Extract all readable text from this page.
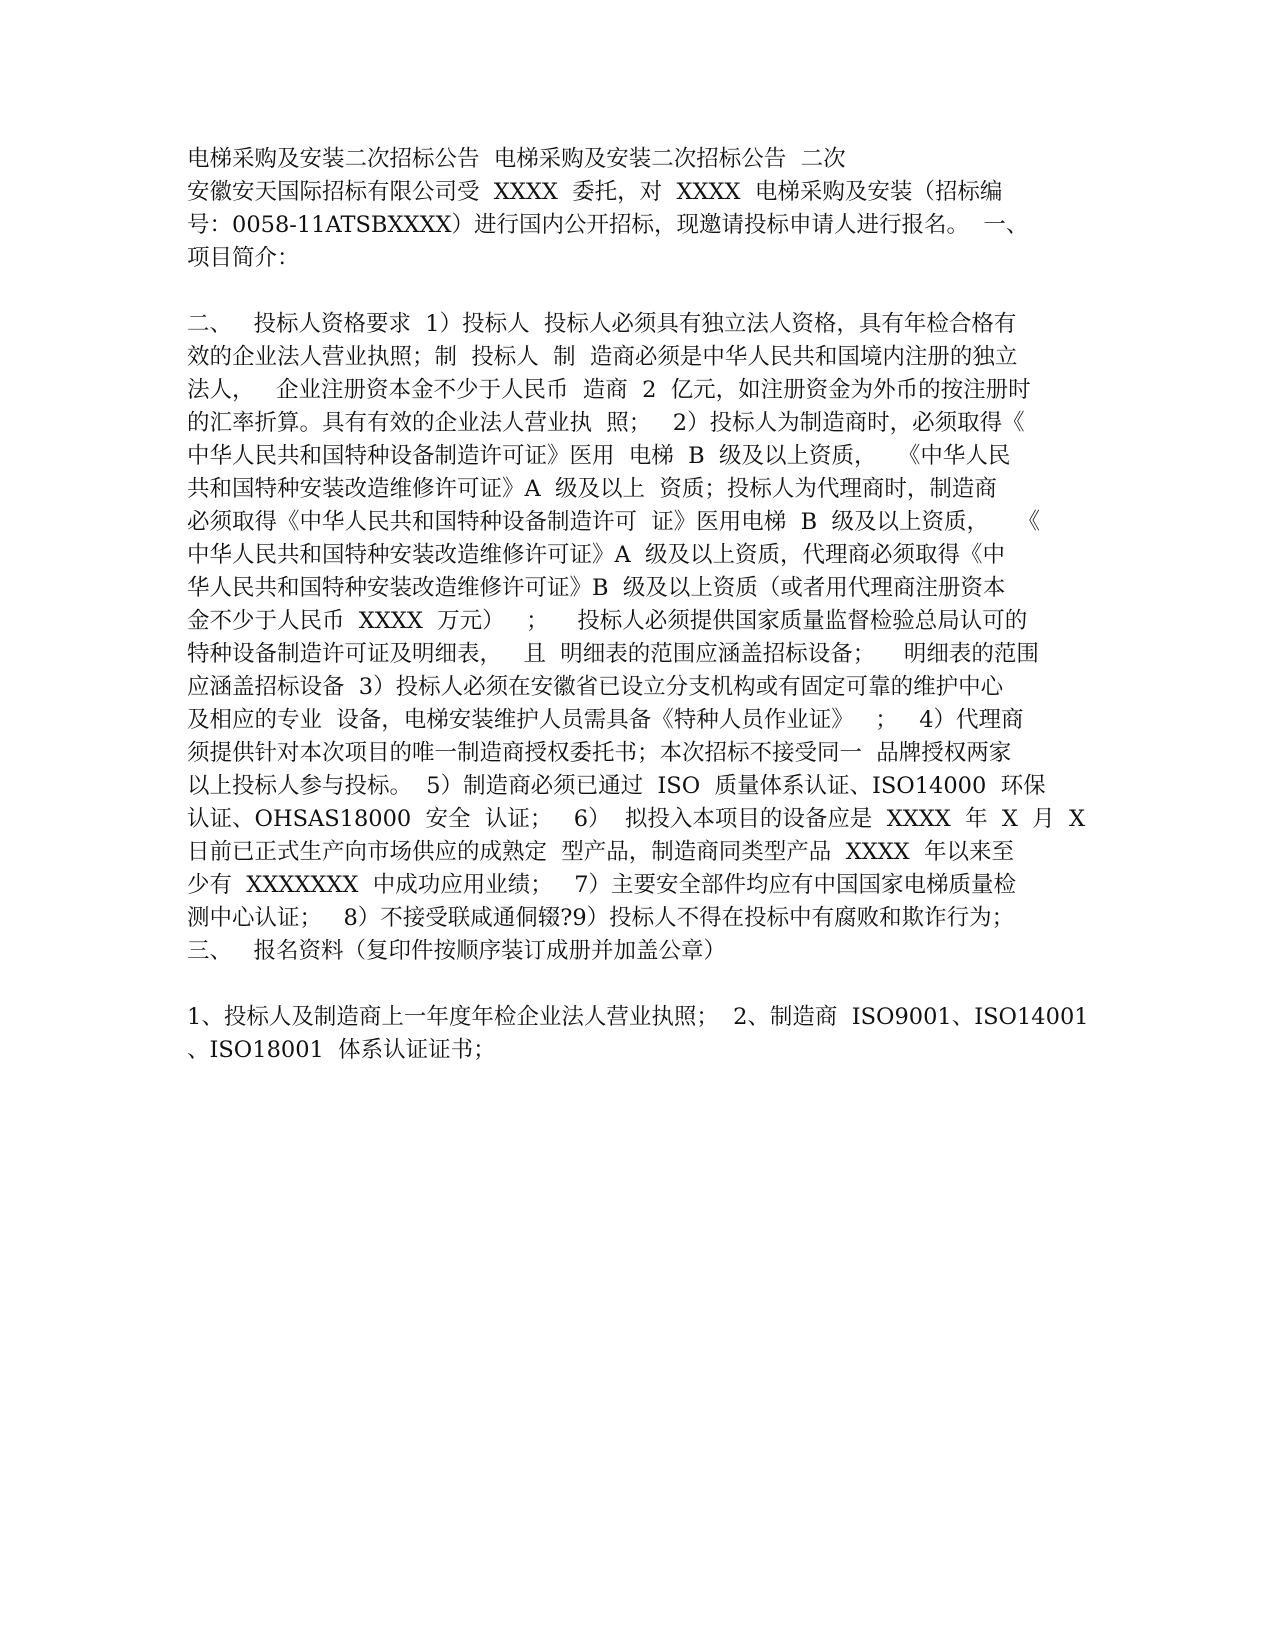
电梯采购及安装二次招标公告  电梯采购及安装二次招标公告  二次
安徽安天国际招标有限公司受  XXXX  委托，对  XXXX  电梯采购及安装（招标编
号：0058-11ATSBXXXX）进行国内公开招标，现邀请投标申请人进行报名。  一、
项目简介：
二、   投标人资格要求  1）投标人  投标人必须具有独立法人资格，具有年检合格有
效的企业法人营业执照；制  投标人  制  造商必须是中华人民共和国境内注册的独立
法人，   企业注册资本金不少于人民币  造商  2  亿元，如注册资金为外币的按注册时
的汇率折算。具有有效的企业法人营业执  照；   2）投标人为制造商时，必须取得《
中华人民共和国特种设备制造许可证》医用  电梯  B  级及以上资质，   《中华人民
共和国特种安装改造维修许可证》A  级及以上  资质；投标人为代理商时，制造商
必须取得《中华人民共和国特种设备制造许可  证》医用电梯  B  级及以上资质，    《
中华人民共和国特种安装改造维修许可证》A  级及以上资质，代理商必须取得《中
华人民共和国特种安装改造维修许可证》B  级及以上资质（或者用代理商注册资本
金不少于人民币  XXXX  万元）   ；    投标人必须提供国家质量监督检验总局认可的
特种设备制造许可证及明细表，   且  明细表的范围应涵盖招标设备；    明细表的范围
应涵盖招标设备  3）投标人必须在安徽省已设立分支机构或有固定可靠的维护中心
及相应的专业  设备，电梯安装维护人员需具备《特种人员作业证》   ；   4）代理商
须提供针对本次项目的唯一制造商授权委托书；本次招标不接受同一  品牌授权两家
以上投标人参与投标。  5）制造商必须已通过  ISO  质量体系认证、ISO14000  环保
认证、OHSAS18000  安全  认证；   6）  拟投入本项目的设备应是  XXXX  年  X  月  X
日前已正式生产向市场供应的成熟定  型产品，制造商同类型产品  XXXX  年以来至
少有  XXXXXXX  中成功应用业绩；   7）主要安全部件均应有中国国家电梯质量检
测中心认证；   8）不接受联咸通侗辍?9）投标人不得在投标中有腐败和欺诈行为；
三、   报名资料（复印件按顺序装订成册并加盖公章）
1、投标人及制造商上一年度年检企业法人营业执照；  2、制造商  ISO9001、ISO14001
、ISO18001  体系认证证书；
